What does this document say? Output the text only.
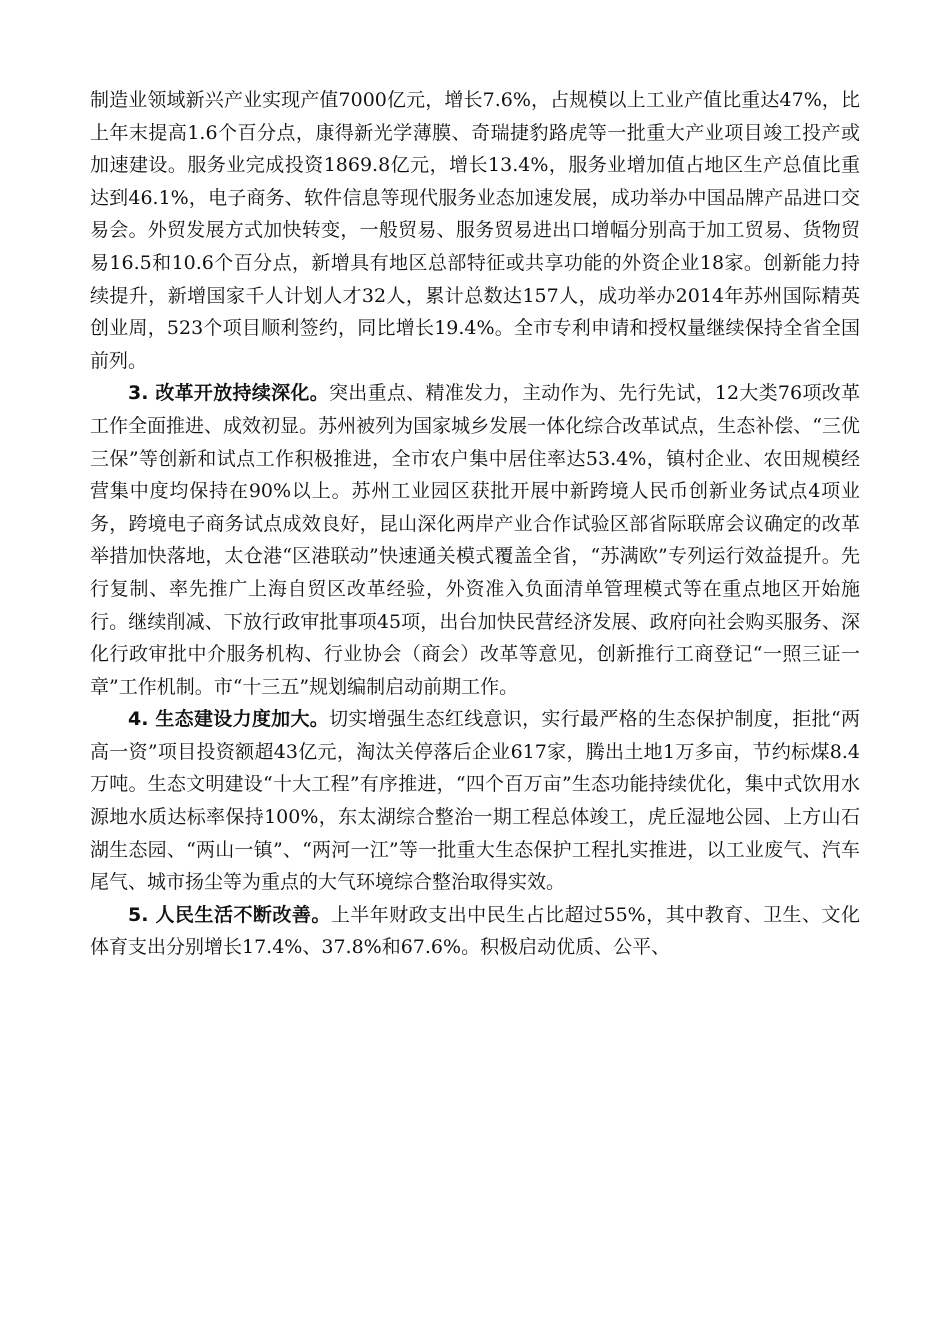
制造业领域新兴产业实现产值7000亿元，增长7.6%，占规模以上工业产值比重达47%，比上年末提高1.6个百分点，康得新光学薄膜、奇瑞捷豹路虎等一批重大产业项目竣工投产或加速建设。服务业完成投资1869.8亿元，增长13.4%，服务业增加值占地区生产总值比重达到46.1%，电子商务、软件信息等现代服务业态加速发展，成功举办中国品牌产品进口交易会。外贸发展方式加快转变，一般贸易、服务贸易进出口增幅分别高于加工贸易、货物贸易16.5和10.6个百分点，新增具有地区总部特征或共享功能的外资企业18家。创新能力持续提升，新增国家千人计划人才32人，累计总数达157人，成功举办2014年苏州国际精英创业周，523个项目顺利签约，同比增长19.4%。全市专利申请和授权量继续保持全省全国前列。

3. 改革开放持续深化。突出重点、精准发力，主动作为、先行先试，12大类76项改革工作全面推进、成效初显。苏州被列为国家城乡发展一体化综合改革试点，生态补偿、“三优三保”等创新和试点工作积极推进，全市农户集中居住率达53.4%，镇村企业、农田规模经营集中度均保持在90%以上。苏州工业园区获批开展中新跨境人民币创新业务试点4项业务，跨境电子商务试点成效良好，昆山深化两岸产业合作试验区部省际联席会议确定的改革举措加快落地，太仓港“区港联动”快速通关模式覆盖全省，“苏满欧”专列运行效益提升。先行复制、率先推广上海自贸区改革经验，外资准入负面清单管理模式等在重点地区开始施行。继续削减、下放行政审批事项45项，出台加快民营经济发展、政府向社会购买服务、深化行政审批中介服务机构、行业协会（商会）改革等意见，创新推行工商登记“一照三证一章”工作机制。市“十三五”规划编制启动前期工作。

4. 生态建设力度加大。切实增强生态红线意识，实行最严格的生态保护制度，拒批“两高一资”项目投资额超43亿元，淘汰关停落后企业617家，腾出土地1万多亩，节约标煤8.4万吨。生态文明建设“十大工程”有序推进，“四个百万亩”生态功能持续优化，集中式饮用水源地水质达标率保持100%，东太湖综合整治一期工程总体竣工，虎丘湿地公园、上方山石湖生态园、“两山一镇”、“两河一江”等一批重大生态保护工程扎实推进，以工业废气、汽车尾气、城市扬尘等为重点的大气环境综合整治取得实效。

5. 人民生活不断改善。上半年财政支出中民生占比超过55%，其中教育、卫生、文化体育支出分别增长17.4%、37.8%和67.6%。积极启动优质、公平、
